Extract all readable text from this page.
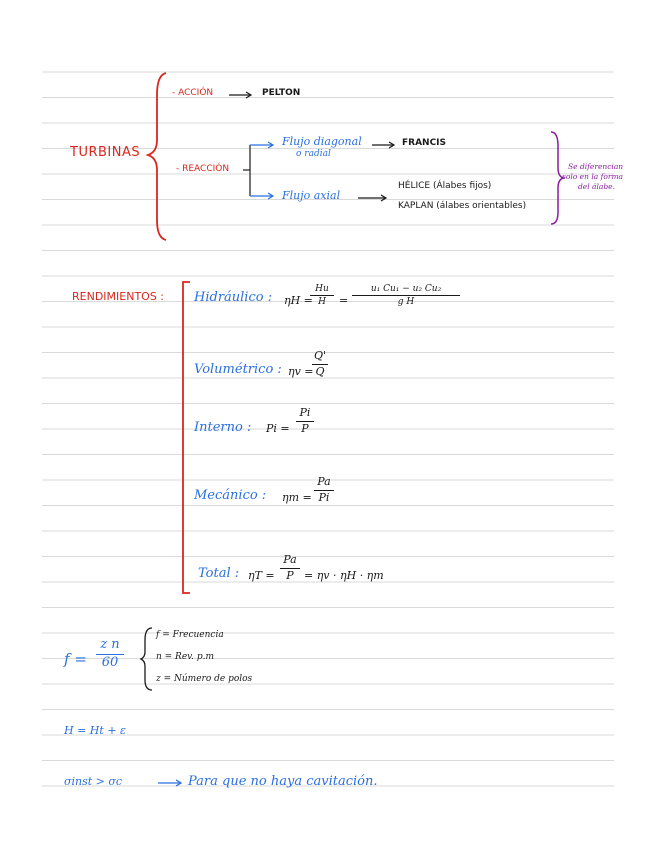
TURBINAS
- ACCIÓN	PELTON
- REACCIÓN
Flujo diagonal
o radial
FRANCIS
Flujo axial
HÉLICE (Álabes fijos)
KAPLAN (álabes orientables)
Se diferencian
solo en la forma
del álabe.
RENDIMIENTOS : Hidráulico : ηH =
Hu
H	=
u₁ Cu₁ − u₂ Cu₂
g H
Volumétrico : ηv =
Q'
Q
Interno : Pi =
Pi
P
Mecánico : ηm =
Pa
Pi
Total : ηT =
Pa
P = ηv · ηH · ηm
f =
z n
60
f = Frecuencia
n = Rev. p.m
z = Número de polos
H = Ht + ε
σinst > σc	Para que no haya cavitación.
